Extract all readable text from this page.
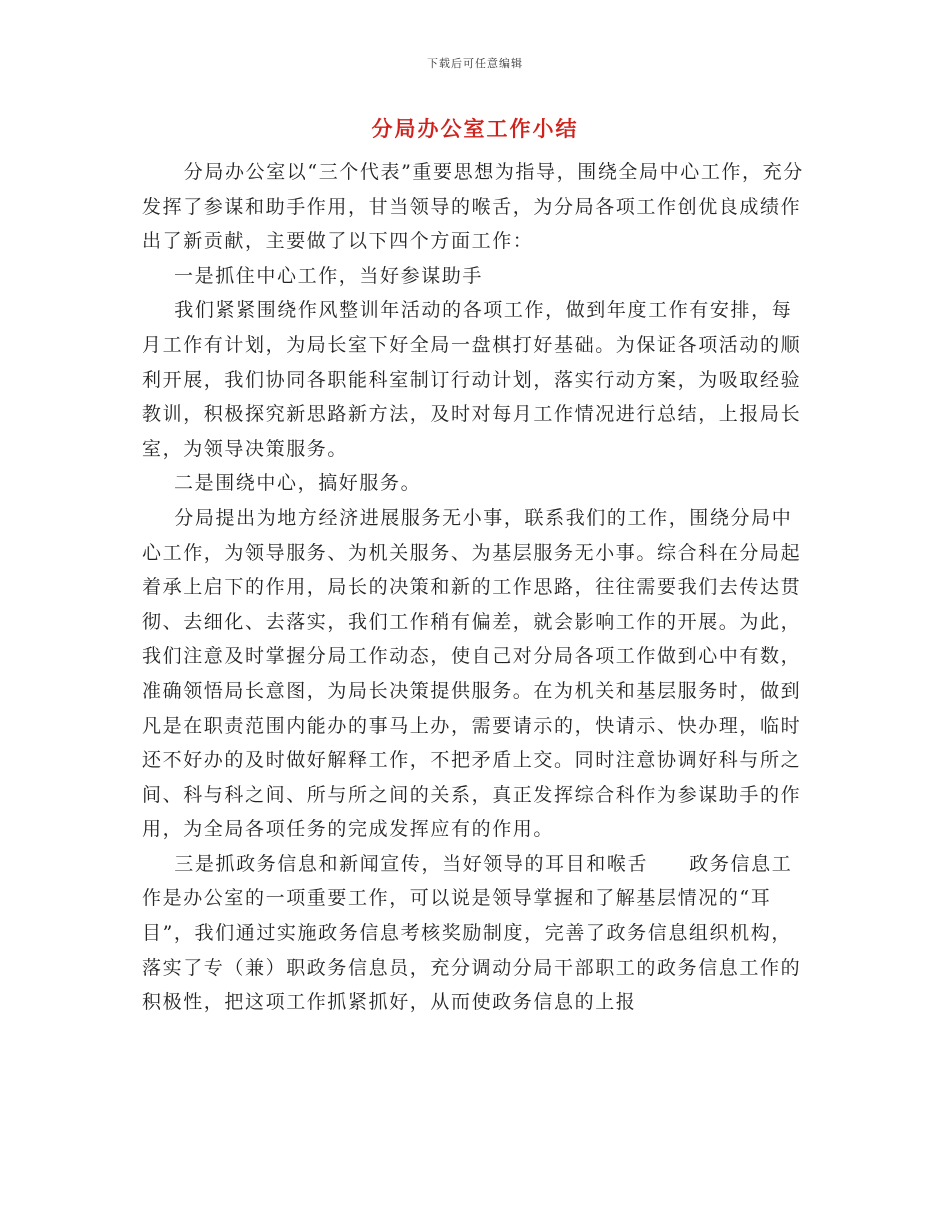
下载后可任意编辑
分局办公室工作小结

分局办公室以“三个代表”重要思想为指导，围绕全局中心工作，充分发挥了参谋和助手作用，甘当领导的喉舌，为分局各项工作创优良成绩作出了新贡献，主要做了以下四个方面工作：

一是抓住中心工作，当好参谋助手

我们紧紧围绕作风整训年活动的各项工作，做到年度工作有安排，每月工作有计划，为局长室下好全局一盘棋打好基础。为保证各项活动的顺利开展，我们协同各职能科室制订行动计划，落实行动方案，为吸取经验教训，积极探究新思路新方法，及时对每月工作情况进行总结，上报局长室，为领导决策服务。

二是围绕中心，搞好服务。

分局提出为地方经济进展服务无小事，联系我们的工作，围绕分局中心工作，为领导服务、为机关服务、为基层服务无小事。综合科在分局起着承上启下的作用，局长的决策和新的工作思路，往往需要我们去传达贯彻、去细化、去落实，我们工作稍有偏差，就会影响工作的开展。为此，我们注意及时掌握分局工作动态，使自己对分局各项工作做到心中有数，准确领悟局长意图，为局长决策提供服务。在为机关和基层服务时，做到凡是在职责范围内能办的事马上办，需要请示的，快请示、快办理，临时还不好办的及时做好解释工作，不把矛盾上交。同时注意协调好科与所之间、科与科之间、所与所之间的关系，真正发挥综合科作为参谋助手的作用，为全局各项任务的完成发挥应有的作用。

三是抓政务信息和新闻宣传，当好领导的耳目和喉舌　　政务信息工作是办公室的一项重要工作，可以说是领导掌握和了解基层情况的“耳目”，我们通过实施政务信息考核奖励制度，完善了政务信息组织机构，落实了专（兼）职政务信息员，充分调动分局干部职工的政务信息工作的积极性，把这项工作抓紧抓好，从而使政务信息的上报
